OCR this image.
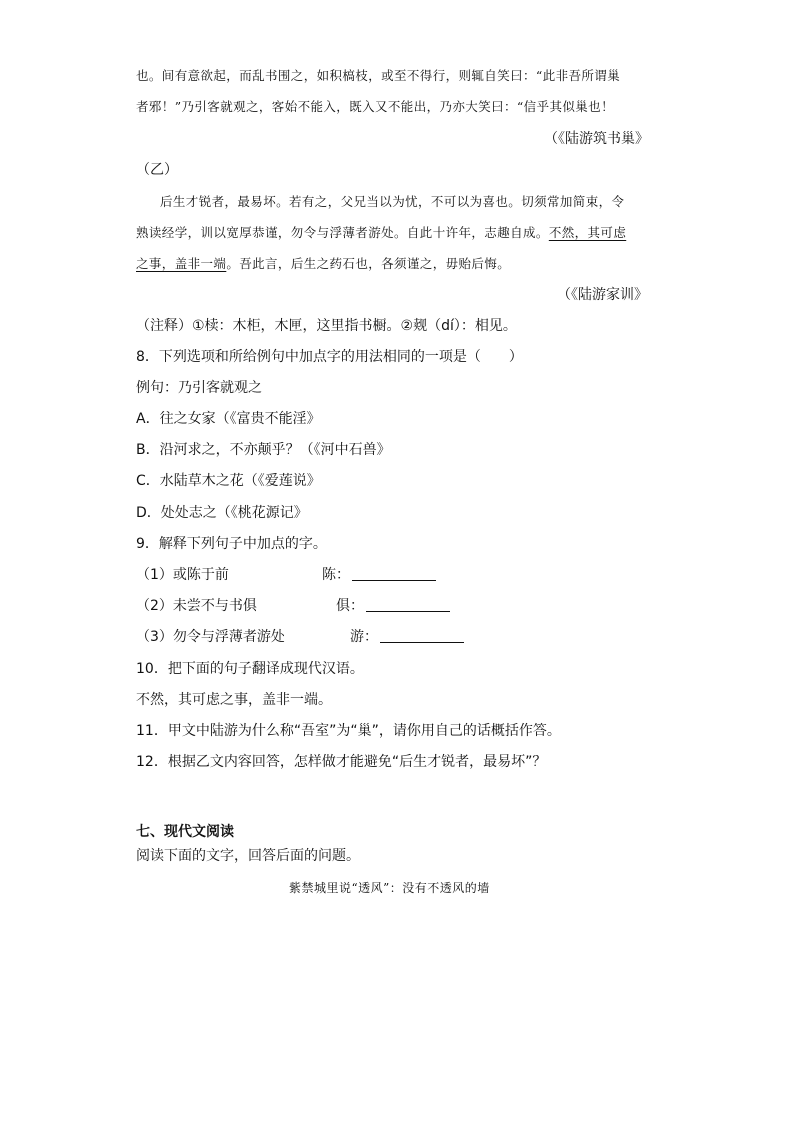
也。间有意欲起，而乱书围之，如积槁枝，或至不得行，则辄自笑曰：“此非吾所谓巢
者邪！”乃引客就观之，客始不能入，既入又不能出，乃亦大笑曰：“信乎其似巢也！
（《陆游筑书巢》
（乙）
后生才锐者，最易坏。若有之，父兄当以为忧，不可以为喜也。切须常加简束，令
熟读经学，训以宽厚恭谨，勿令与浮薄者游处。自此十许年，志趣自成。不然，其可虑
之事，盖非一端。吾此言，后生之药石也，各须谨之，毋贻后悔。
（《陆游家训》
（注释）①椟：木柜，木匣，这里指书橱。②觌（dí）：相见。
8．下列选项和所给例句中加点字的用法相同的一项是（　　）
例句：乃引客就观之
A．往之女家（《富贵不能淫》
B．沿河求之，不亦颠乎？（《河中石兽》
C．水陆草木之花（《爱莲说》
D．处处志之（《桃花源记》
9．解释下列句子中加点的字。
（1）或陈于前	陈：
（2）未尝不与书俱	俱：
（3）勿令与浮薄者游处	游：
10．把下面的句子翻译成现代汉语。
不然，其可虑之事，盖非一端。
11．甲文中陆游为什么称“吾室”为“巢”，请你用自己的话概括作答。
12．根据乙文内容回答，怎样做才能避免“后生才锐者，最易坏”？
七、现代文阅读
阅读下面的文字，回答后面的问题。
紫禁城里说“透风”：没有不透风的墙
